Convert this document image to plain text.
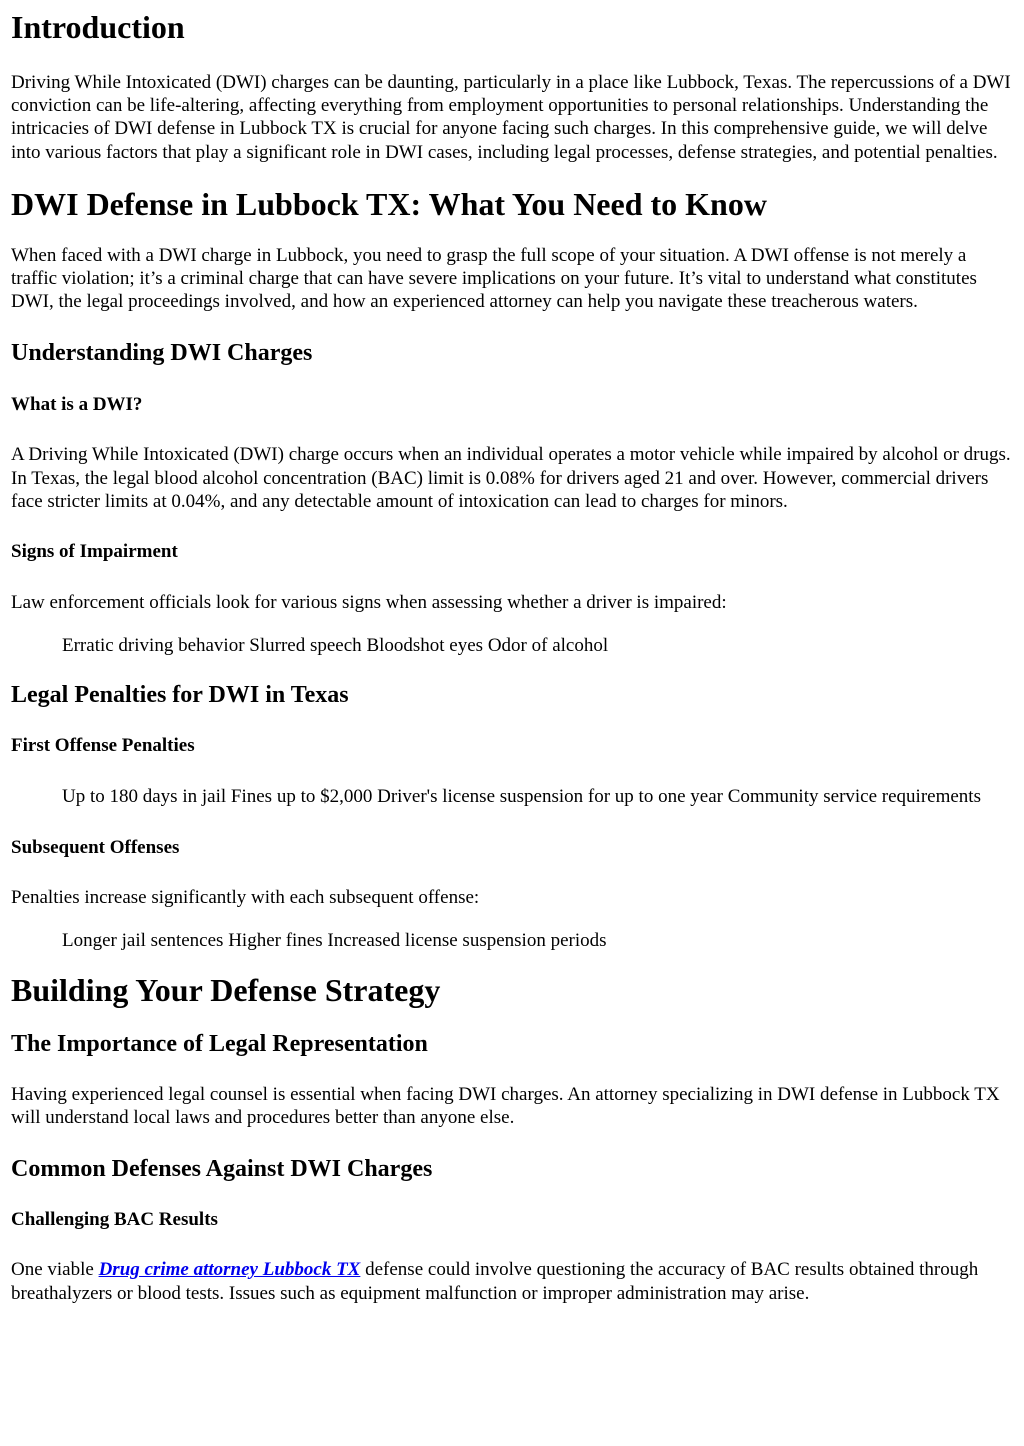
Introduction

Driving While Intoxicated (DWI) charges can be daunting, particularly in a place like Lubbock, Texas. The repercussions of a DWI conviction can be life-altering, affecting everything from employment opportunities to personal relationships. Understanding the intricacies of DWI defense in Lubbock TX is crucial for anyone facing such charges. In this comprehensive guide, we will delve into various factors that play a significant role in DWI cases, including legal processes, defense strategies, and potential penalties.

DWI Defense in Lubbock TX: What You Need to Know

When faced with a DWI charge in Lubbock, you need to grasp the full scope of your situation. A DWI offense is not merely a traffic violation; it’s a criminal charge that can have severe implications on your future. It’s vital to understand what constitutes DWI, the legal proceedings involved, and how an experienced attorney can help you navigate these treacherous waters.

Understanding DWI Charges
What is a DWI?

A Driving While Intoxicated (DWI) charge occurs when an individual operates a motor vehicle while impaired by alcohol or drugs. In Texas, the legal blood alcohol concentration (BAC) limit is 0.08% for drivers aged 21 and over. However, commercial drivers face stricter limits at 0.04%, and any detectable amount of intoxication can lead to charges for minors.

Signs of Impairment

Law enforcement officials look for various signs when assessing whether a driver is impaired:

Erratic driving behavior Slurred speech Bloodshot eyes Odor of alcohol
Legal Penalties for DWI in Texas
First Offense Penalties
Up to 180 days in jail Fines up to $2,000 Driver's license suspension for up to one year Community service requirements
Subsequent Offenses

Penalties increase significantly with each subsequent offense:

Longer jail sentences Higher fines Increased license suspension periods
Building Your Defense Strategy
The Importance of Legal Representation

Having experienced legal counsel is essential when facing DWI charges. An attorney specializing in DWI defense in Lubbock TX will understand local laws and procedures better than anyone else.

Common Defenses Against DWI Charges
Challenging BAC Results

One viable Drug crime attorney Lubbock TX defense could involve questioning the accuracy of BAC results obtained through breathalyzers or blood tests. Issues such as equipment malfunction or improper administration may arise.
